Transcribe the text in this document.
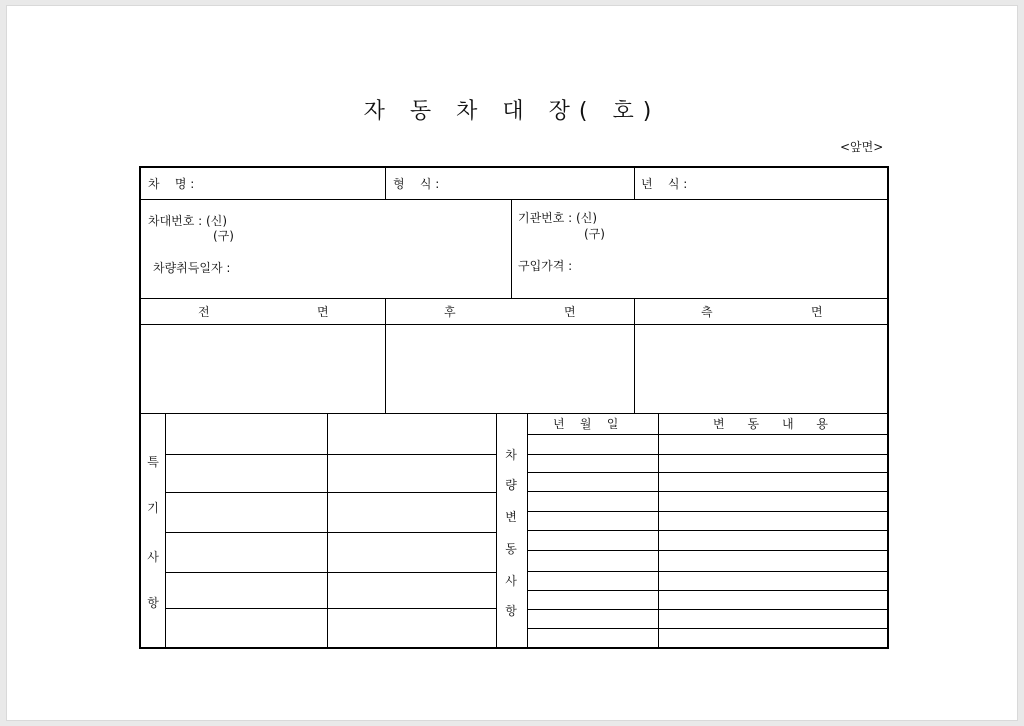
자 동 차 대 장( 호)
<앞면>
차    명 :	형    식 :	년    식 :
차대번호 : (신)
(구)
차량취득일자 :
기관번호 : (신)
(구)
구입가격 :
전	면	후	면	측	면
특
기
사
항
차
량
변
동
사
항
년    월    일	변      동      내      용
